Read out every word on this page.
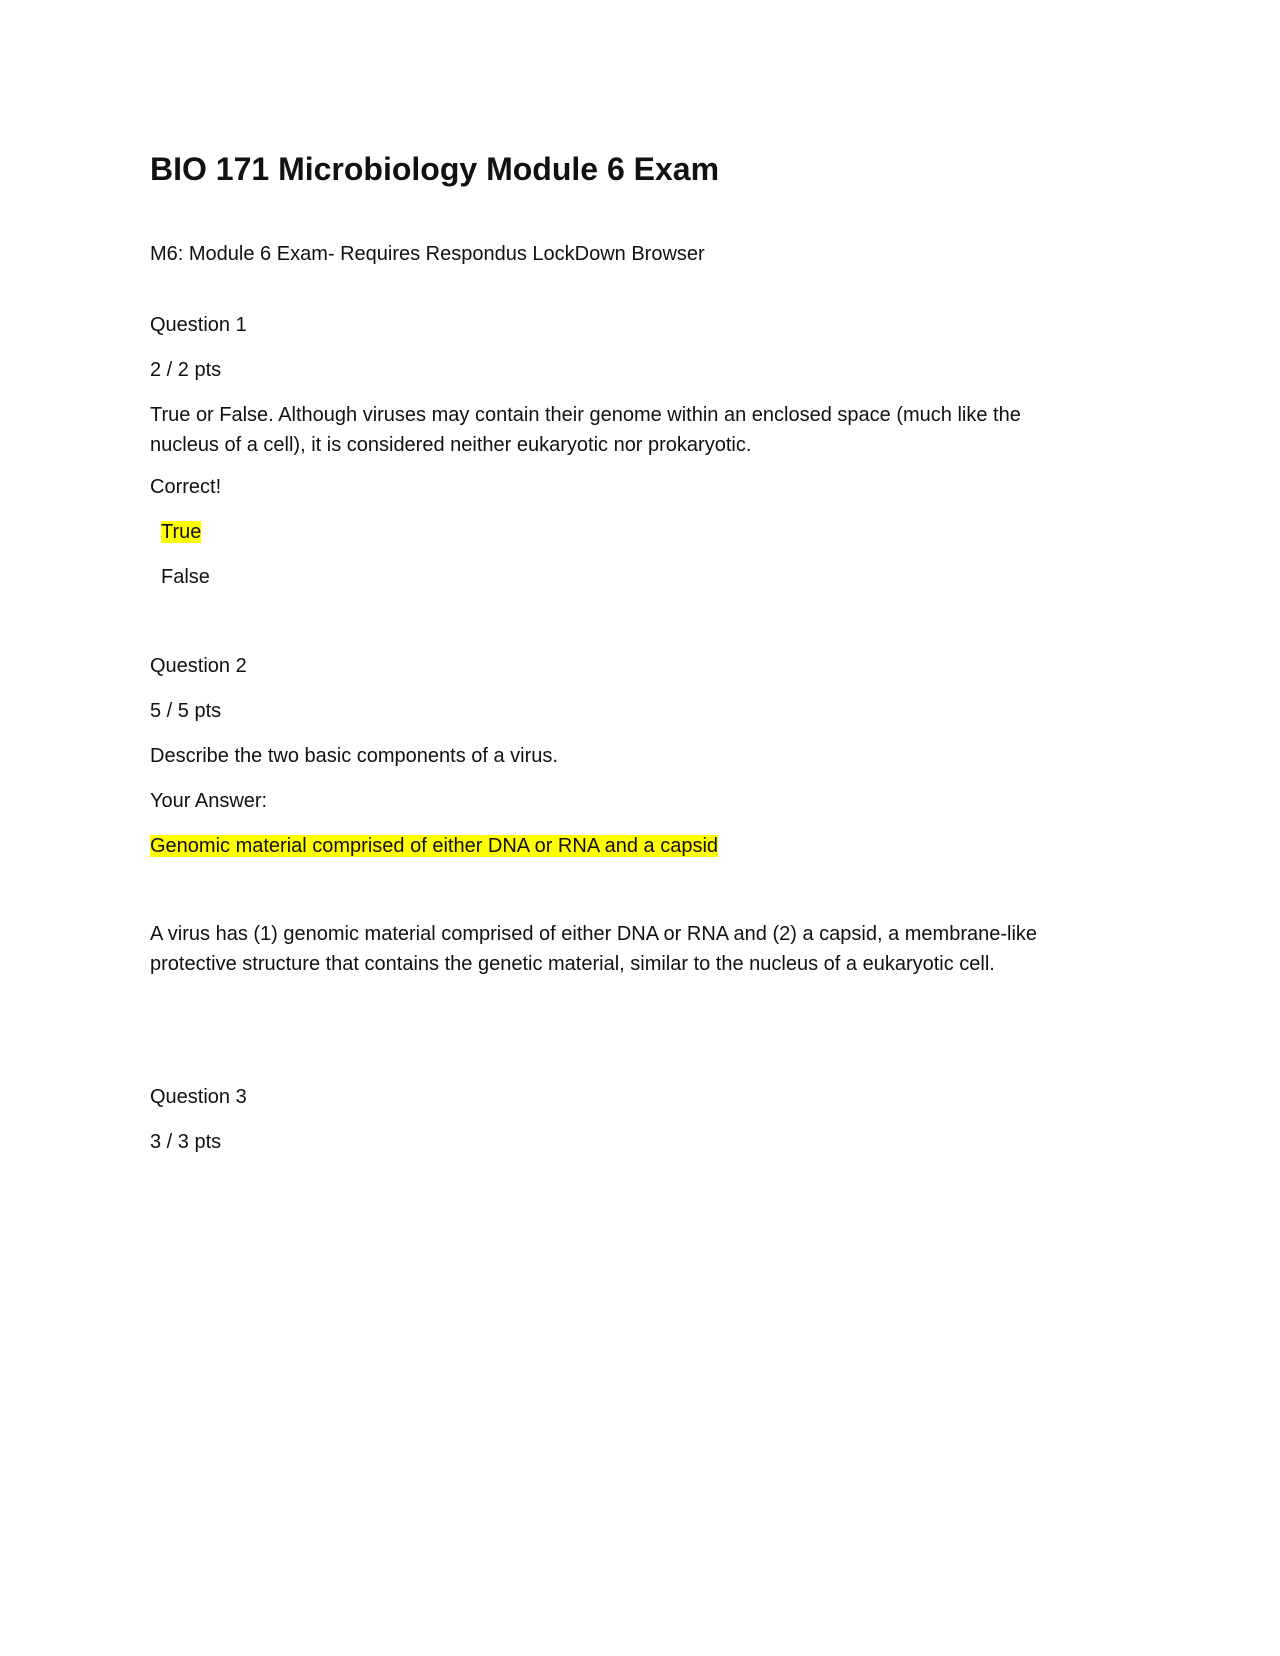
BIO 171 Microbiology Module 6 Exam

M6: Module 6 Exam- Requires Respondus LockDown Browser

Question 1

2 / 2 pts

True or False. Although viruses may contain their genome within an enclosed space (much like the nucleus of a cell), it is considered neither eukaryotic nor prokaryotic.

Correct!

True

False

Question 2

5 / 5 pts

Describe the two basic components of a virus.

Your Answer:

Genomic material comprised of either DNA or RNA and a capsid

A virus has (1) genomic material comprised of either DNA or RNA and (2) a capsid, a membrane-like protective structure that contains the genetic material, similar to the nucleus of a eukaryotic cell.

Question 3

3 / 3 pts
